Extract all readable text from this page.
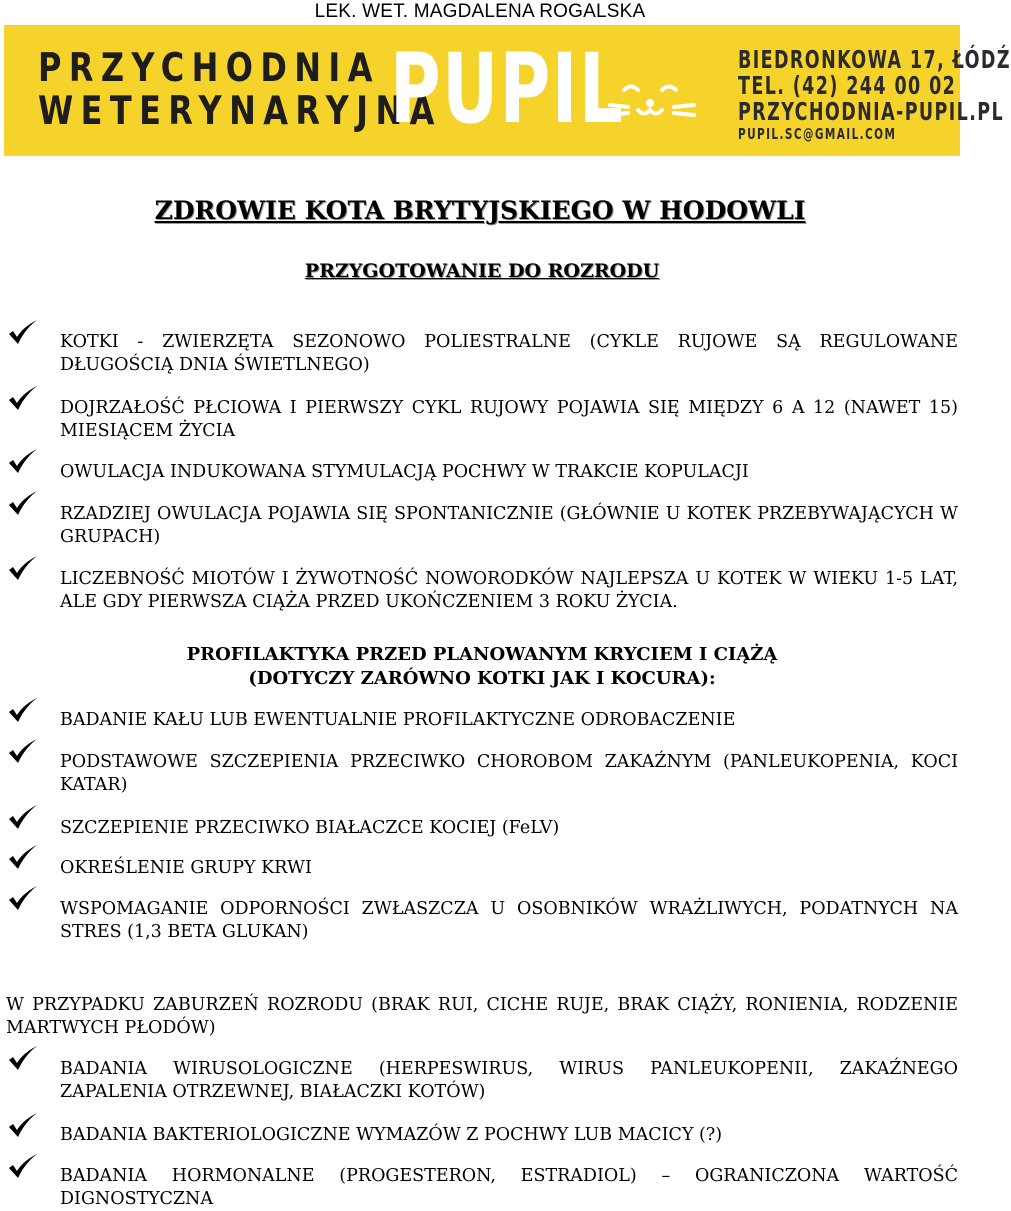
LEK. WET. MAGDALENA ROGALSKA
PRZYCHODNIA
WETERYNARYJNA
PUPIL	BIEDRONKOWA 17, ŁÓDŹ
TEL. (42) 244 00 02
PRZYCHODNIA-PUPIL.PL
PUPIL.SC@GMAIL.COM
ZDROWIE KOTA BRYTYJSKIEGO W HODOWLI
PRZYGOTOWANIE DO ROZRODU
KOTKI - ZWIERZĘTA SEZONOWO POLIESTRALNE (CYKLE RUJOWE SĄ REGULOWANE DŁUGOŚCIĄ DNIA ŚWIETLNEGO)
DOJRZAŁOŚĆ PŁCIOWA I PIERWSZY CYKL RUJOWY POJAWIA SIĘ MIĘDZY 6 A 12 (NAWET 15) MIESIĄCEM ŻYCIA
OWULACJA INDUKOWANA STYMULACJĄ POCHWY W TRAKCIE KOPULACJI
RZADZIEJ OWULACJA POJAWIA SIĘ SPONTANICZNIE (GŁÓWNIE U KOTEK PRZEBYWAJĄCYCH W GRUPACH)
LICZEBNOŚĆ MIOTÓW I ŻYWOTNOŚĆ NOWORODKÓW NAJLEPSZA U KOTEK W WIEKU 1-5 LAT, ALE GDY PIERWSZA CIĄŻA PRZED UKOŃCZENIEM 3 ROKU ŻYCIA.
PROFILAKTYKA PRZED PLANOWANYM KRYCIEM I CIĄŻĄ
(DOTYCZY ZARÓWNO KOTKI JAK I KOCURA):
BADANIE KAŁU LUB EWENTUALNIE PROFILAKTYCZNE ODROBACZENIE
PODSTAWOWE SZCZEPIENIA PRZECIWKO CHOROBOM ZAKAŹNYM (PANLEUKOPENIA, KOCI KATAR)
SZCZEPIENIE PRZECIWKO BIAŁACZCE KOCIEJ (FeLV)
OKREŚLENIE GRUPY KRWI
WSPOMAGANIE ODPORNOŚCI ZWŁASZCZA U OSOBNIKÓW WRAŻLIWYCH, PODATNYCH NA STRES (1,3 BETA GLUKAN)
W PRZYPADKU ZABURZEŃ ROZRODU (BRAK RUI, CICHE RUJE, BRAK CIĄŻY, RONIENIA, RODZENIE MARTWYCH PŁODÓW)
BADANIA WIRUSOLOGICZNE (HERPESWIRUS, WIRUS PANLEUKOPENII, ZAKAŹNEGO ZAPALENIA OTRZEWNEJ, BIAŁACZKI KOTÓW)
BADANIA BAKTERIOLOGICZNE WYMAZÓW Z POCHWY LUB MACICY (?)
BADANIA HORMONALNE (PROGESTERON, ESTRADIOL) – OGRANICZONA WARTOŚĆ DIGNOSTYCZNA
